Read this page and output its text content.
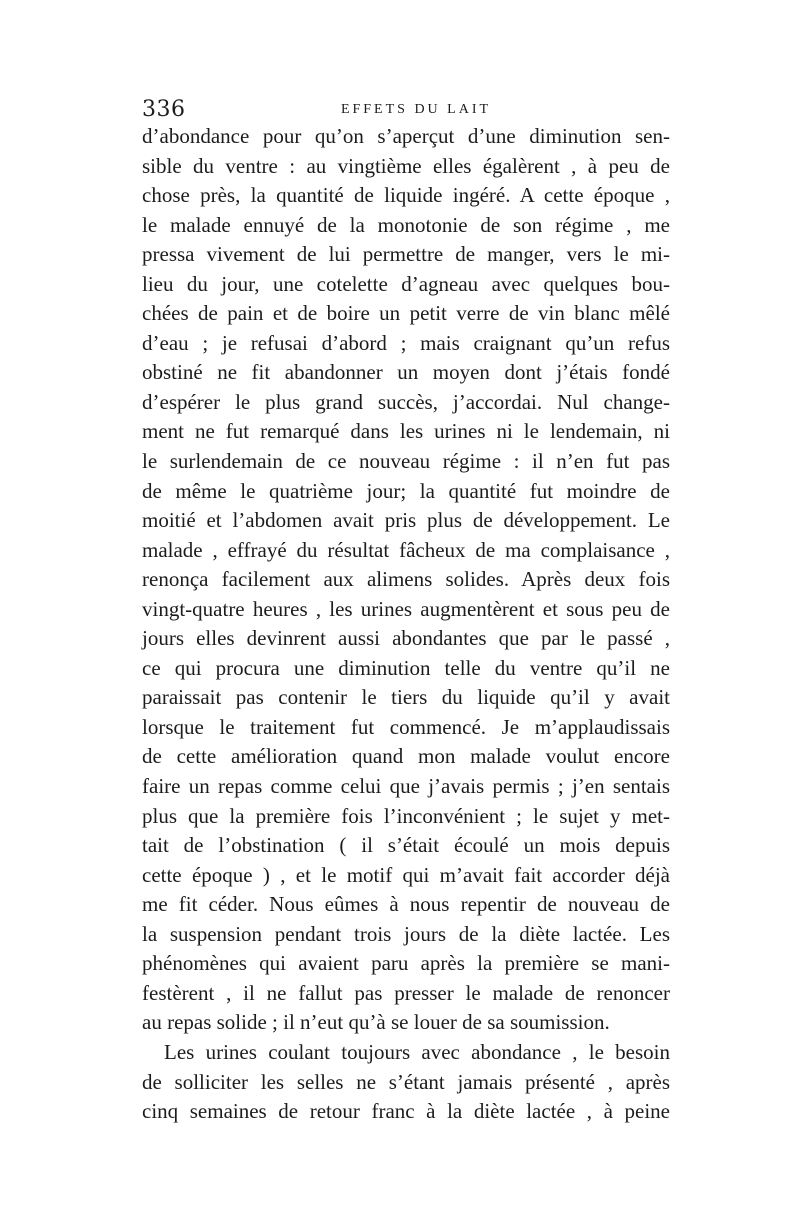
336	EFFETS DU LAIT
d’abondance pour qu’on s’aperçut d’une diminution sen-
sible du ventre : au vingtième elles égalèrent , à peu de
chose près, la quantité de liquide ingéré. A cette époque ,
le malade ennuyé de la monotonie de son régime , me
pressa vivement de lui permettre de manger, vers le mi-
lieu du jour, une cotelette d’agneau avec quelques bou-
chées de pain et de boire un petit verre de vin blanc mêlé
d’eau ; je refusai d’abord ; mais craignant qu’un refus
obstiné ne fit abandonner un moyen dont j’étais fondé
d’espérer le plus grand succès, j’accordai. Nul change-
ment ne fut remarqué dans les urines ni le lendemain, ni
le surlendemain de ce nouveau régime : il n’en fut pas
de même le quatrième jour; la quantité fut moindre de
moitié et l’abdomen avait pris plus de développement. Le
malade , effrayé du résultat fâcheux de ma complaisance ,
renonça facilement aux alimens solides. Après deux fois
vingt-quatre heures , les urines augmentèrent et sous peu de
jours elles devinrent aussi abondantes que par le passé ,
ce qui procura une diminution telle du ventre qu’il ne
paraissait pas contenir le tiers du liquide qu’il y avait
lorsque le traitement fut commencé. Je m’applaudissais
de cette amélioration quand mon malade voulut encore
faire un repas comme celui que j’avais permis ; j’en sentais
plus que la première fois l’inconvénient ; le sujet y met-
tait de l’obstination ( il s’était écoulé un mois depuis
cette époque ) , et le motif qui m’avait fait accorder déjà
me fit céder. Nous eûmes à nous repentir de nouveau de
la suspension pendant trois jours de la diète lactée. Les
phénomènes qui avaient paru après la première se mani-
festèrent , il ne fallut pas presser le malade de renoncer
au repas solide ; il n’eut qu’à se louer de sa soumission.
Les urines coulant toujours avec abondance , le besoin
de solliciter les selles ne s’étant jamais présenté , après
cinq semaines de retour franc à la diète lactée , à peine
